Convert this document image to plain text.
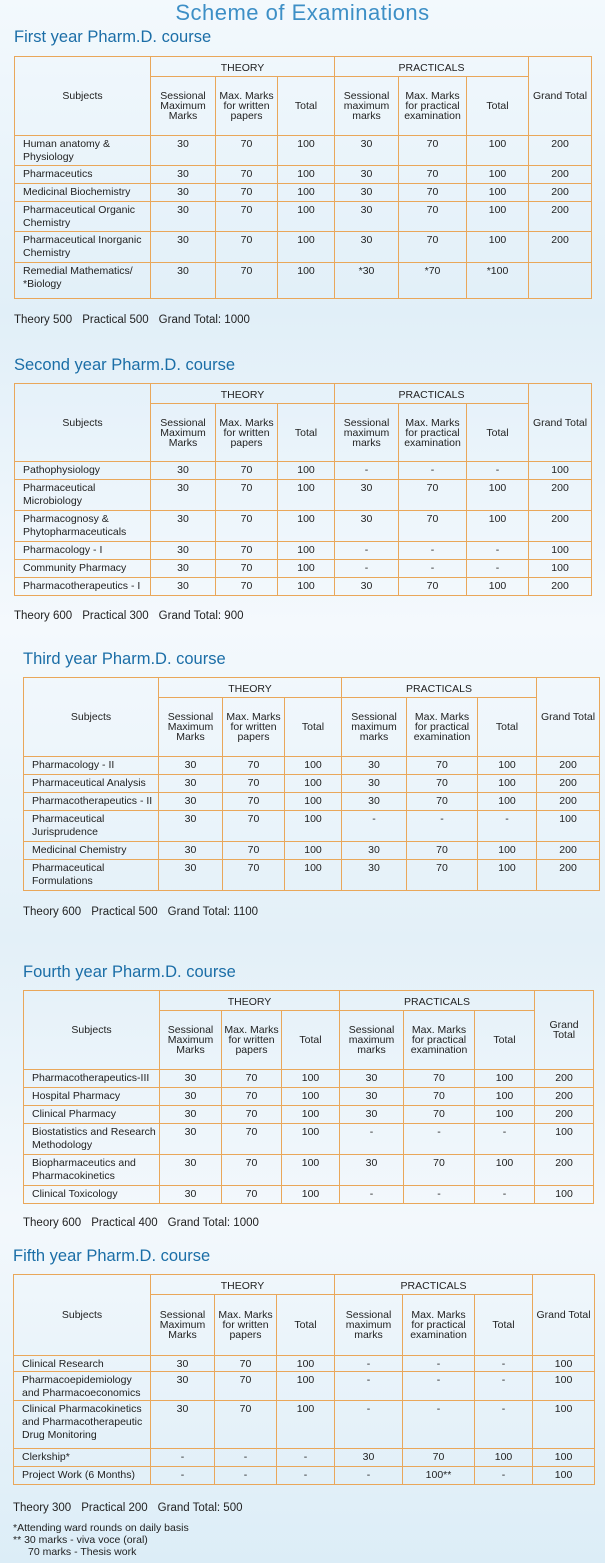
Scheme of Examinations
First year Pharm.D. course
Subjects	THEORY			PRACTICALS			Grand Total
	Sessional Maximum Marks	Max. Marks for written papers	Total	Sessional maximum marks	Max. Marks for practical examination	Total	
Human anatomy & Physiology	30	70	100	30	70	100	200
Pharmaceutics	30	70	100	30	70	100	200
Medicinal Biochemistry	30	70	100	30	70	100	200
Pharmaceutical Organic Chemistry	30	70	100	30	70	100	200
Pharmaceutical Inorganic Chemistry	30	70	100	30	70	100	200
Remedial Mathematics/ *Biology	30	70	100	*30	*70	*100	
Theory 500 Practical 500 Grand Total: 1000
Second year Pharm.D. course
Subjects	THEORY			PRACTICALS			Grand Total
	Sessional Maximum Marks	Max. Marks for written papers	Total	Sessional maximum marks	Max. Marks for practical examination	Total	
Pathophysiology	30	70	100	-	-	-	100
Pharmaceutical Microbiology	30	70	100	30	70	100	200
Pharmacognosy & Phytopharmaceuticals	30	70	100	30	70	100	200
Pharmacology - I	30	70	100	-	-	-	100
Community Pharmacy	30	70	100	-	-	-	100
Pharmacotherapeutics - I	30	70	100	30	70	100	200
Theory 600 Practical 300 Grand Total: 900
Third year Pharm.D. course
Subjects	THEORY			PRACTICALS			Grand Total
	Sessional Maximum Marks	Max. Marks for written papers	Total	Sessional maximum marks	Max. Marks for practical examination	Total	
Pharmacology - II	30	70	100	30	70	100	200
Pharmaceutical Analysis	30	70	100	30	70	100	200
Pharmacotherapeutics - II	30	70	100	30	70	100	200
Pharmaceutical Jurisprudence	30	70	100	-	-	-	100
Medicinal Chemistry	30	70	100	30	70	100	200
Pharmaceutical Formulations	30	70	100	30	70	100	200
Theory 600 Practical 500 Grand Total: 1100
Fourth year Pharm.D. course
Subjects	THEORY			PRACTICALS			Grand Total
	Sessional Maximum Marks	Max. Marks for written papers	Total	Sessional maximum marks	Max. Marks for practical examination	Total	
Pharmacotherapeutics-III	30	70	100	30	70	100	200
Hospital Pharmacy	30	70	100	30	70	100	200
Clinical Pharmacy	30	70	100	30	70	100	200
Biostatistics and Research Methodology	30	70	100	-	-	-	100
Biopharmaceutics and Pharmacokinetics	30	70	100	30	70	100	200
Clinical Toxicology	30	70	100	-	-	-	100
Theory 600 Practical 400 Grand Total: 1000
Fifth year Pharm.D. course
Subjects	THEORY			PRACTICALS			Grand Total
	Sessional Maximum Marks	Max. Marks for written papers	Total	Sessional maximum marks	Max. Marks for practical examination	Total	
Clinical Research	30	70	100	-	-	-	100
Pharmacoepidemiology and Pharmacoeconomics	30	70	100	-	-	-	100
Clinical Pharmacokinetics and Pharmacotherapeutic Drug Monitoring	30	70	100	-	-	-	100
Clerkship*	-	-	-	30	70	100	100
Project Work (6 Months)	-	-	-	-	100**	-	100
Theory 300 Practical 200 Grand Total: 500
*Attending ward rounds on daily basis
** 30 marks - viva voce (oral)
70 marks - Thesis work
